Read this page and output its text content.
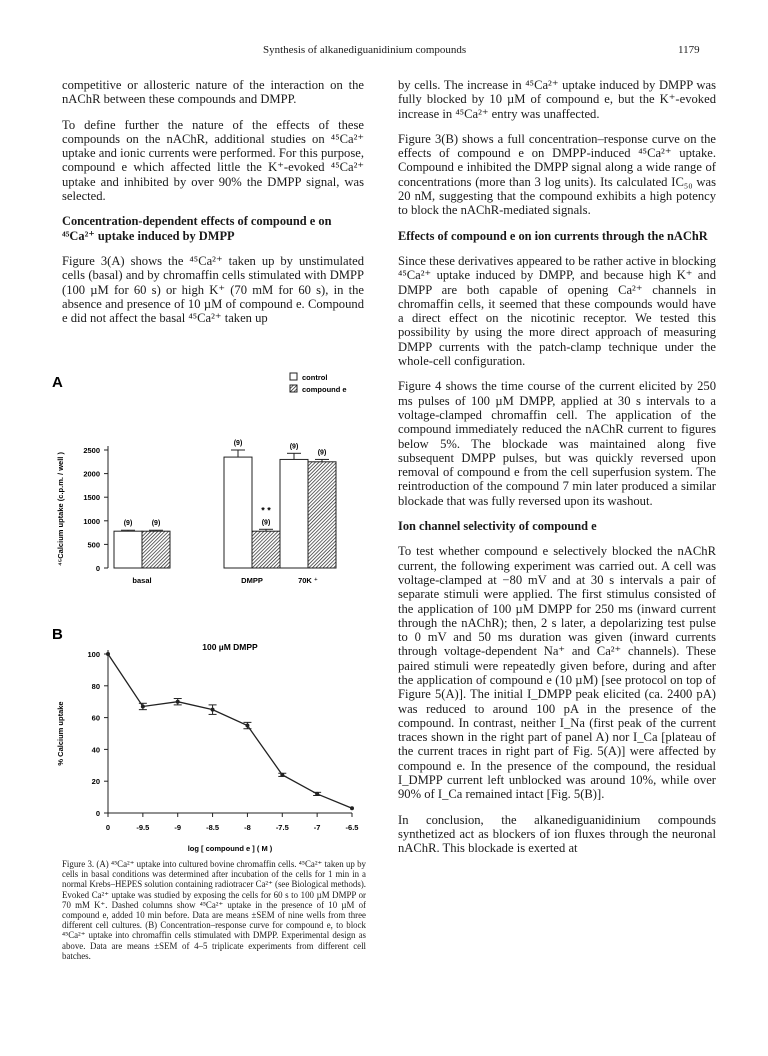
Synthesis of alkanediguanidinium compounds	1179

competitive or allosteric nature of the interaction on the nAChR between these compounds and DMPP.

To define further the nature of the effects of these compounds on the nAChR, additional studies on ⁴⁵Ca²⁺ uptake and ionic currents were performed. For this purpose, compound e which affected little the K⁺-evoked ⁴⁵Ca²⁺ uptake and inhibited by over 90% the DMPP signal, was selected.

Concentration-dependent effects of compound e on ⁴⁵Ca²⁺ uptake induced by DMPP

Figure 3(A) shows the ⁴⁵Ca²⁺ taken up by unstimulated cells (basal) and by chromaffin cells stimulated with DMPP (100 µM for 60 s) or high K⁺ (70 mM for 60 s), in the absence and presence of 10 µM of compound e. Compound e did not affect the basal ⁴⁵Ca²⁺ taken up

A
0
500
1000
1500
2000
2500
⁴⁵Calcium uptake (c.p.m. / well )
control
compound e
(9)	(9)
basal
(9)
(9)
DMPP
(9)
(9)
70K ⁺
* *
B
100 µM DMPP
0
20
40
60
80
100
0	-9.5	-9	-8.5	-8	-7.5	-7	-6.5
log [ compound e ] ( M )
% Calcium uptake
Figure 3. (A) ⁴⁵Ca²⁺ uptake into cultured bovine chromaffin cells. ⁴⁵Ca²⁺ taken up by cells in basal conditions was determined after incubation of the cells for 1 min in a normal Krebs–HEPES solution containing radiotracer Ca²⁺ (see Biological methods). Evoked Ca²⁺ uptake was studied by exposing the cells for 60 s to 100 µM DMPP or 70 mM K⁺. Dashed columns show ⁴⁵Ca²⁺ uptake in the presence of 10 µM of compound e, added 10 min before. Data are means ±SEM of nine wells from three different cell cultures. (B) Concentration–response curve for compound e, to block ⁴⁵Ca²⁺ uptake into chromaffin cells stimulated with DMPP. Experimental design as above. Data are means ±SEM of 4–5 triplicate experiments from different cell batches.

by cells. The increase in ⁴⁵Ca²⁺ uptake induced by DMPP was fully blocked by 10 µM of compound e, but the K⁺-evoked increase in ⁴⁵Ca²⁺ entry was unaffected.

Figure 3(B) shows a full concentration–response curve on the effects of compound e on DMPP-induced ⁴⁵Ca²⁺ uptake. Compound e inhibited the DMPP signal along a wide range of concentrations (more than 3 log units). Its calculated IC₅₀ was 20 nM, suggesting that the compound exhibits a high potency to block the nAChR-mediated signals.

Effects of compound e on ion currents through the nAChR

Since these derivatives appeared to be rather active in blocking ⁴⁵Ca²⁺ uptake induced by DMPP, and because high K⁺ and DMPP are both capable of opening Ca²⁺ channels in chromaffin cells, it seemed that these compounds would have a direct effect on the nicotinic receptor. We tested this possibility by using the more direct approach of measuring DMPP currents with the patch-clamp technique under the whole-cell configuration.

Figure 4 shows the time course of the current elicited by 250 ms pulses of 100 µM DMPP, applied at 30 s intervals to a voltage-clamped chromaffin cell. The application of the compound immediately reduced the nAChR current to figures below 5%. The blockade was maintained along five subsequent DMPP pulses, but was quickly reversed upon removal of compound e from the cell superfusion system. The reintroduction of the compound 7 min later produced a similar blockade that was fully reversed upon its washout.

Ion channel selectivity of compound e

To test whether compound e selectively blocked the nAChR current, the following experiment was carried out. A cell was voltage-clamped at −80 mV and at 30 s intervals a pair of separate stimuli were applied. The first stimulus consisted of the application of 100 µM DMPP for 250 ms (inward current through the nAChR); then, 2 s later, a depolarizing test pulse to 0 mV and 50 ms duration was given (inward currents through voltage-dependent Na⁺ and Ca²⁺ channels). These paired stimuli were repeatedly given before, during and after the application of compound e (10 µM) [see protocol on top of Figure 5(A)]. The initial I_DMPP peak elicited (ca. 2400 pA) was reduced to around 100 pA in the presence of the compound. In contrast, neither I_Na (first peak of the current traces shown in the right part of panel A) nor I_Ca [plateau of the current traces in right part of Fig. 5(A)] were affected by compound e. In the presence of the compound, the residual I_DMPP current left unblocked was around 10%, while over 90% of I_Ca remained intact [Fig. 5(B)].

In conclusion, the alkanediguanidinium compounds synthetized act as blockers of ion fluxes through the neuronal nAChR. This blockade is exerted at
